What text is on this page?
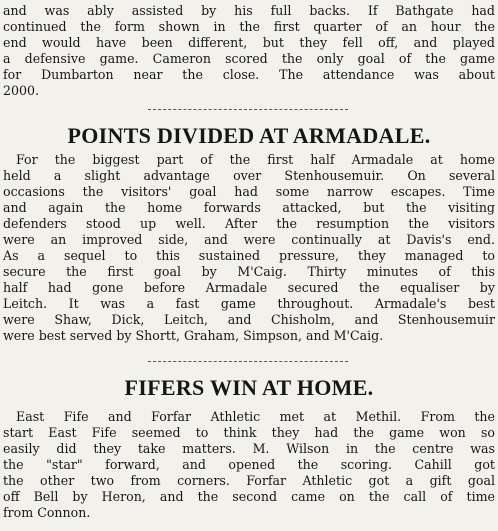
and was ably assisted by his full backs. If Bathgate had
continued the form shown in the first quarter of an hour the
end would have been different, but they fell off, and played
a defensive game. Cameron scored the only goal of the game
for Dumbarton near the close. The attendance was about
2000.
POINTS DIVIDED AT ARMADALE.
For the biggest part of the first half Armadale at home
held a slight advantage over Stenhousemuir. On several
occasions the visitors' goal had some narrow escapes. Time
and again the home forwards attacked, but the visiting
defenders stood up well. After the resumption the visitors
were an improved side, and were continually at Davis's end.
As a sequel to this sustained pressure, they managed to
secure the first goal by M'Caig. Thirty minutes of this
half had gone before Armadale secured the equaliser by
Leitch. It was a fast game throughout. Armadale's best
were Shaw, Dick, Leitch, and Chisholm, and Stenhousemuir
were best served by Shortt, Graham, Simpson, and M'Caig.
FIFERS WIN AT HOME.
East Fife and Forfar Athletic met at Methil. From the
start East Fife seemed to think they had the game won so
easily did they take matters. M. Wilson in the centre was
the "star" forward, and opened the scoring. Cahill got
the other two from corners. Forfar Athletic got a gift goal
off Bell by Heron, and the second came on the call of time
from Connon.
